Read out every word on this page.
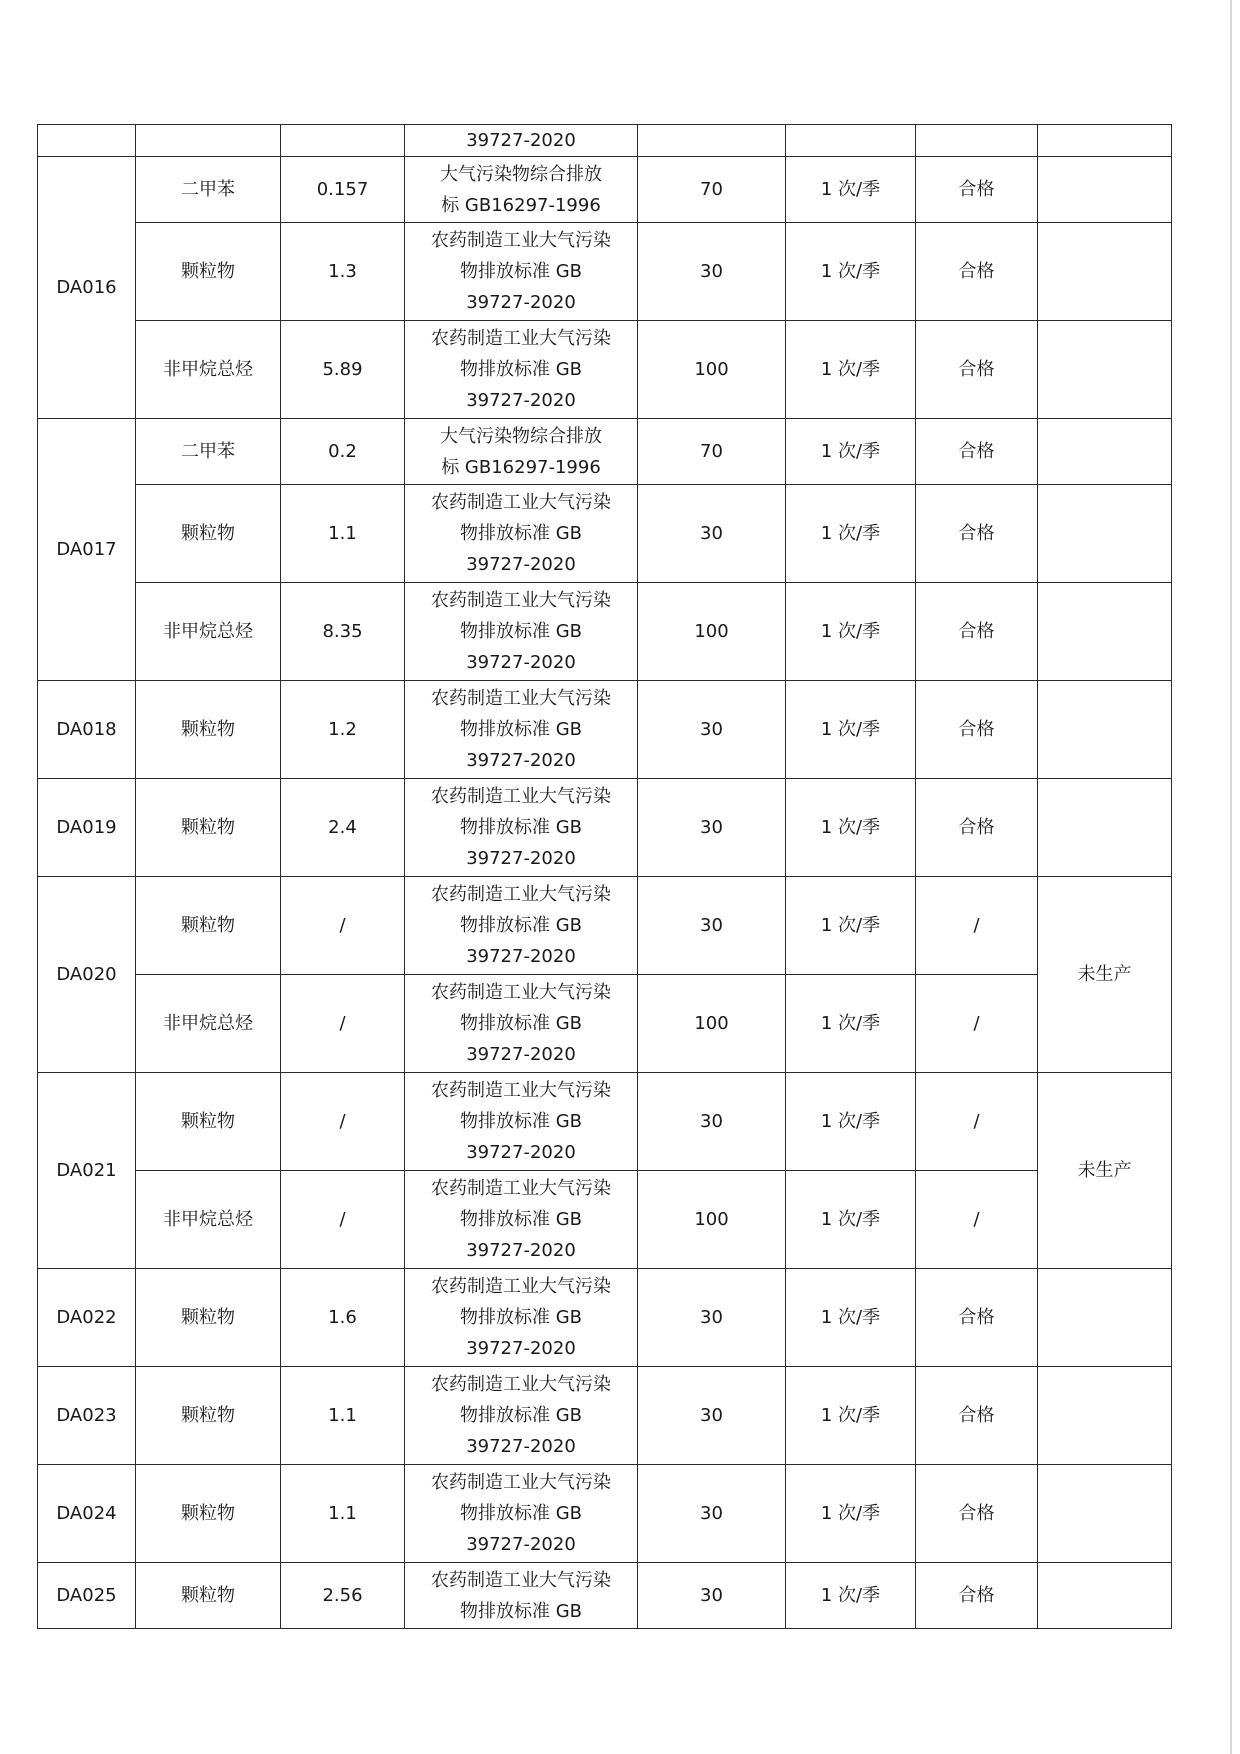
			39727-2020				

DA016	二甲苯	0.157	大气污染物综合排放
标 GB16297-1996	70	1 次/季	合格	
	颗粒物	1.3	农药制造工业大气污染
物排放标准 GB
39727-2020	30	1 次/季	合格	
	非甲烷总烃	5.89	农药制造工业大气污染
物排放标准 GB
39727-2020	100	1 次/季	合格	
DA017	二甲苯	0.2	大气污染物综合排放
标 GB16297-1996	70	1 次/季	合格	
	颗粒物	1.1	农药制造工业大气污染
物排放标准 GB
39727-2020	30	1 次/季	合格	
	非甲烷总烃	8.35	农药制造工业大气污染
物排放标准 GB
39727-2020	100	1 次/季	合格	
DA018	颗粒物	1.2	农药制造工业大气污染
物排放标准 GB
39727-2020	30	1 次/季	合格	
DA019	颗粒物	2.4	农药制造工业大气污染
物排放标准 GB
39727-2020	30	1 次/季	合格	
DA020	颗粒物	/	农药制造工业大气污染
物排放标准 GB
39727-2020	30	1 次/季	/	未生产
	非甲烷总烃	/	农药制造工业大气污染
物排放标准 GB
39727-2020	100	1 次/季	/	
DA021	颗粒物	/	农药制造工业大气污染
物排放标准 GB
39727-2020	30	1 次/季	/	未生产
	非甲烷总烃	/	农药制造工业大气污染
物排放标准 GB
39727-2020	100	1 次/季	/	
DA022	颗粒物	1.6	农药制造工业大气污染
物排放标准 GB
39727-2020	30	1 次/季	合格	
DA023	颗粒物	1.1	农药制造工业大气污染
物排放标准 GB
39727-2020	30	1 次/季	合格	
DA024	颗粒物	1.1	农药制造工业大气污染
物排放标准 GB
39727-2020	30	1 次/季	合格	
DA025	颗粒物	2.56	农药制造工业大气污染
物排放标准 GB	30	1 次/季	合格	
